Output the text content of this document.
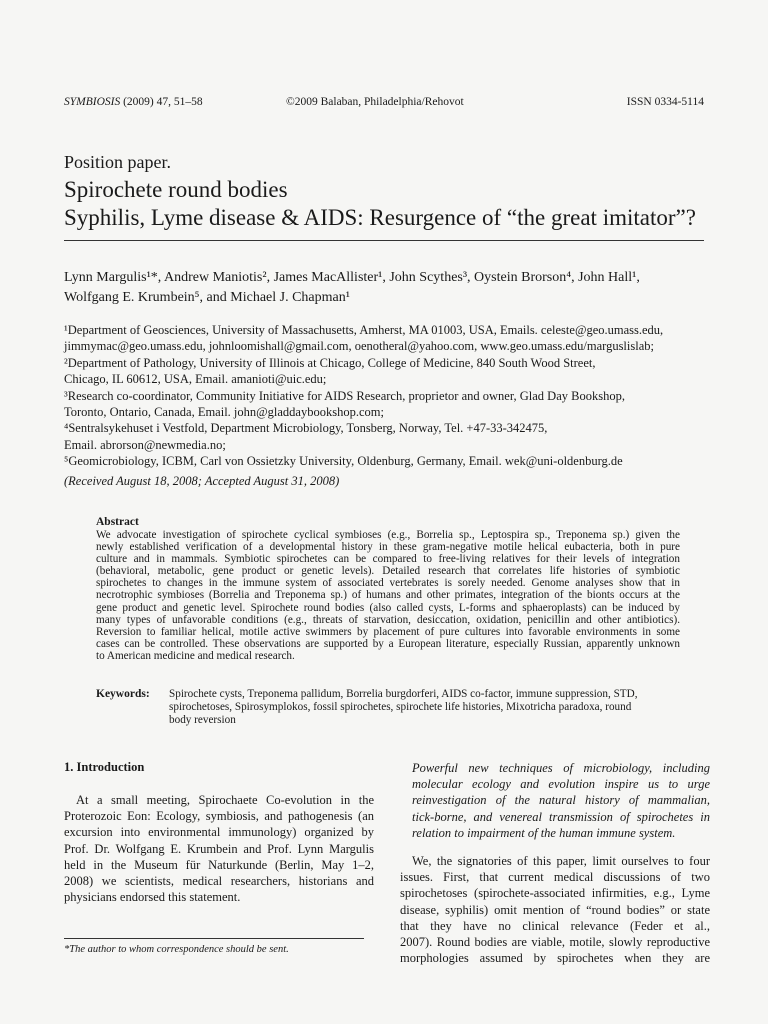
SYMBIOSIS (2009) 47, 51–58	©2009 Balaban, Philadelphia/Rehovot	ISSN 0334-5114
Position paper.
Spirochete round bodies
Syphilis, Lyme disease & AIDS: Resurgence of “the great imitator”?
Lynn Margulis¹*, Andrew Maniotis², James MacAllister¹, John Scythes³, Oystein Brorson⁴, John Hall¹,
Wolfgang E. Krumbein⁵, and Michael J. Chapman¹
¹Department of Geosciences, University of Massachusetts, Amherst, MA 01003, USA, Emails. celeste@geo.umass.edu,
jimmymac@geo.umass.edu, johnloomishall@gmail.com, oenotheral@yahoo.com, www.geo.umass.edu/marguslislab;
²Department of Pathology, University of Illinois at Chicago, College of Medicine, 840 South Wood Street,
Chicago, IL 60612, USA, Email. amanioti@uic.edu;
³Research co-coordinator, Community Initiative for AIDS Research, proprietor and owner, Glad Day Bookshop,
Toronto, Ontario, Canada, Email. john@gladdaybookshop.com;
⁴Sentralsykehuset i Vestfold, Department Microbiology, Tonsberg, Norway, Tel. +47-33-342475,
Email. abrorson@newmedia.no;
⁵Geomicrobiology, ICBM, Carl von Ossietzky University, Oldenburg, Germany, Email. wek@uni-oldenburg.de
(Received August 18, 2008; Accepted August 31, 2008)
Abstract
We advocate investigation of spirochete cyclical symbioses (e.g., Borrelia sp., Leptospira sp., Treponema sp.) given the
newly established verification of a developmental history in these gram-negative motile helical eubacteria, both in pure
culture and in mammals. Symbiotic spirochetes can be compared to free-living relatives for their levels of integration
(behavioral, metabolic, gene product or genetic levels). Detailed research that correlates life histories of symbiotic
spirochetes to changes in the immune system of associated vertebrates is sorely needed. Genome analyses show that in
necrotrophic symbioses (Borrelia and Treponema sp.) of humans and other primates, integration of the bionts occurs at the
gene product and genetic level. Spirochete round bodies (also called cysts, L-forms and sphaeroplasts) can be induced by
many types of unfavorable conditions (e.g., threats of starvation, desiccation, oxidation, penicillin and other antibiotics).
Reversion to familiar helical, motile active swimmers by placement of pure cultures into favorable environments in some
cases can be controlled. These observations are supported by a European literature, especially Russian, apparently unknown
to American medicine and medical research.
Keywords: Spirochete cysts, Treponema pallidum, Borrelia burgdorferi, AIDS co-factor, immune suppression, STD,
spirochetoses, Spirosymplokos, fossil spirochetes, spirochete life histories, Mixotricha paradoxa, round
body reversion
1. Introduction
At a small meeting, Spirochaete Co-evolution in the
Proterozoic Eon: Ecology, symbiosis, and pathogenesis (an
excursion into environmental immunology) organized by
Prof. Dr. Wolfgang E. Krumbein and Prof. Lynn Margulis
held in the Museum für Naturkunde (Berlin, May 1–2,
2008) we scientists, medical researchers, historians and
physicians endorsed this statement.
Powerful new techniques of microbiology, including
molecular ecology and evolution inspire us to urge
reinvestigation of the natural history of mammalian,
tick-borne, and venereal transmission of spirochetes in
relation to impairment of the human immune system.
We, the signatories of this paper, limit ourselves to four
issues. First, that current medical discussions of two
spirochetoses (spirochete-associated infirmities, e.g., Lyme
disease, syphilis) omit mention of “round bodies” or state
that they have no clinical relevance (Feder et al.,
2007). Round bodies are viable, motile, slowly reproductive
morphologies assumed by spirochetes when they are
*The author to whom correspondence should be sent.
